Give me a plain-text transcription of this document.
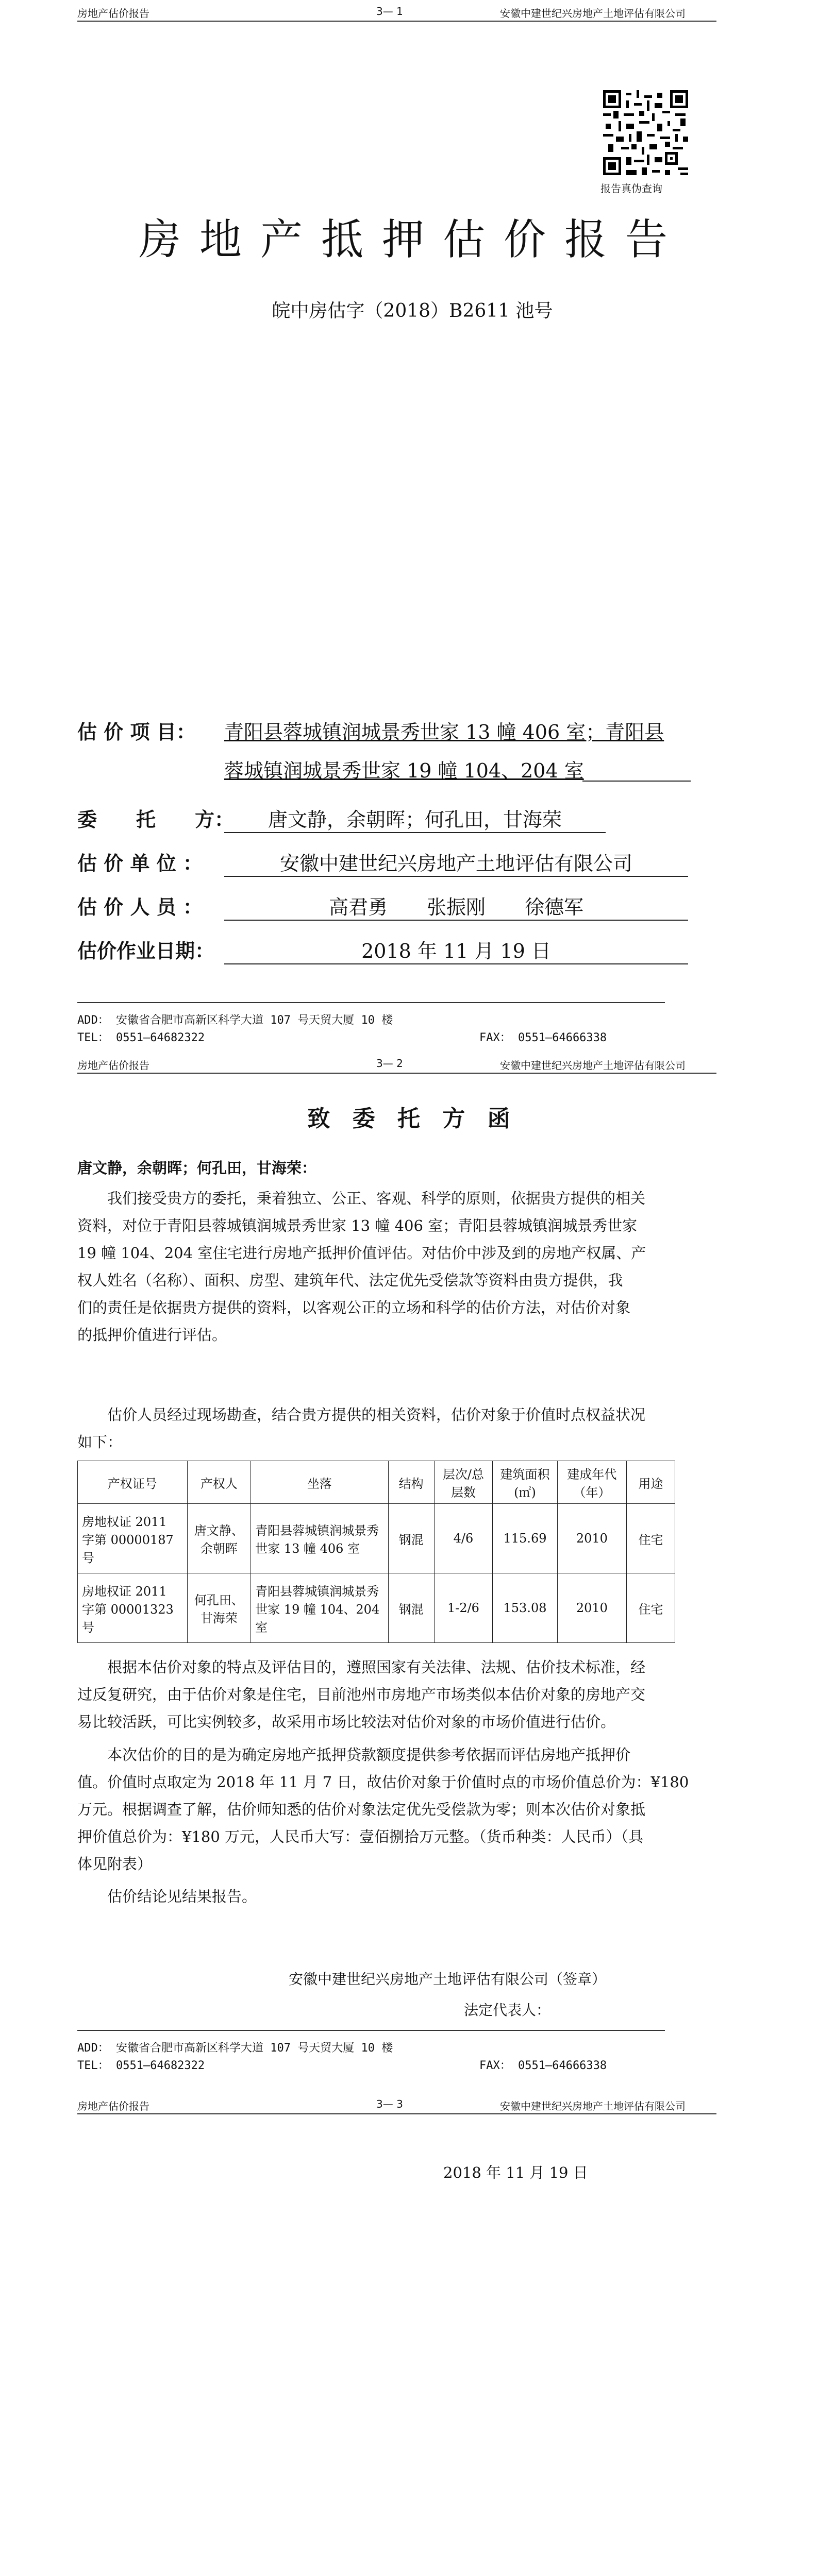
房地产估价报告	3— 1	安徽中建世纪兴房地产土地评估有限公司
报告真伪查询
房地产抵押估价报告
皖中房估字（2018）B2611 池号
估 价 项 目： 青阳县蓉城镇润城景秀世家 13 幢 406 室；青阳县
蓉城镇润城景秀世家 19 幢 104、204 室
委　　托　　方：	唐文静，余朝晖；何孔田，甘海荣
估 价 单 位 ：	安徽中建世纪兴房地产土地评估有限公司
估 价 人 员 ：	高君勇　　张振刚　　徐德军
估价作业日期：	2018 年 11 月 19 日
ADD： 安徽省合肥市高新区科学大道 107 号天贸大厦 10 楼
TEL： 0551—64682322	FAX： 0551—64666338
房地产估价报告	3— 2	安徽中建世纪兴房地产土地评估有限公司
致 委 托 方 函
唐文静，余朝晖；何孔田，甘海荣：
我们接受贵方的委托，秉着独立、公正、客观、科学的原则，依据贵方提供的相关
资料，对位于青阳县蓉城镇润城景秀世家 13 幢 406 室；青阳县蓉城镇润城景秀世家
19 幢 104、204 室住宅进行房地产抵押价值评估。对估价中涉及到的房地产权属、产
权人姓名（名称）、面积、房型、建筑年代、法定优先受偿款等资料由贵方提供，我
们的责任是依据贵方提供的资料，以客观公正的立场和科学的估价方法，对估价对象
的抵押价值进行评估。
估价人员经过现场勘查，结合贵方提供的相关资料，估价对象于价值时点权益状况
如下：
产权证号	产权人	坐落	结构	层次/总层数	建筑面积(㎡)	建成年代（年）	用途
房地权证 2011 字第 00000187 号	唐文静、余朝晖	青阳县蓉城镇润城景秀世家 13 幢 406 室	钢混	4/6	115.69	2010	住宅
房地权证 2011 字第 00001323 号	何孔田、甘海荣	青阳县蓉城镇润城景秀世家 19 幢 104、204 室	钢混	1-2/6	153.08	2010	住宅
根据本估价对象的特点及评估目的，遵照国家有关法律、法规、估价技术标准，经
过反复研究，由于估价对象是住宅，目前池州市房地产市场类似本估价对象的房地产交
易比较活跃，可比实例较多，故采用市场比较法对估价对象的市场价值进行估价。
本次估价的目的是为确定房地产抵押贷款额度提供参考依据而评估房地产抵押价
值。价值时点取定为 2018 年 11 月 7 日，故估价对象于价值时点的市场价值总价为：¥180
万元。根据调查了解，估价师知悉的估价对象法定优先受偿款为零；则本次估价对象抵
押价值总价为：¥180 万元，人民币大写：壹佰捌拾万元整。（货币种类：人民币）（具
体见附表）
估价结论见结果报告。
安徽中建世纪兴房地产土地评估有限公司（签章）
法定代表人：
ADD： 安徽省合肥市高新区科学大道 107 号天贸大厦 10 楼
TEL： 0551—64682322	FAX： 0551—64666338
房地产估价报告	3— 3	安徽中建世纪兴房地产土地评估有限公司
2018 年 11 月 19 日
